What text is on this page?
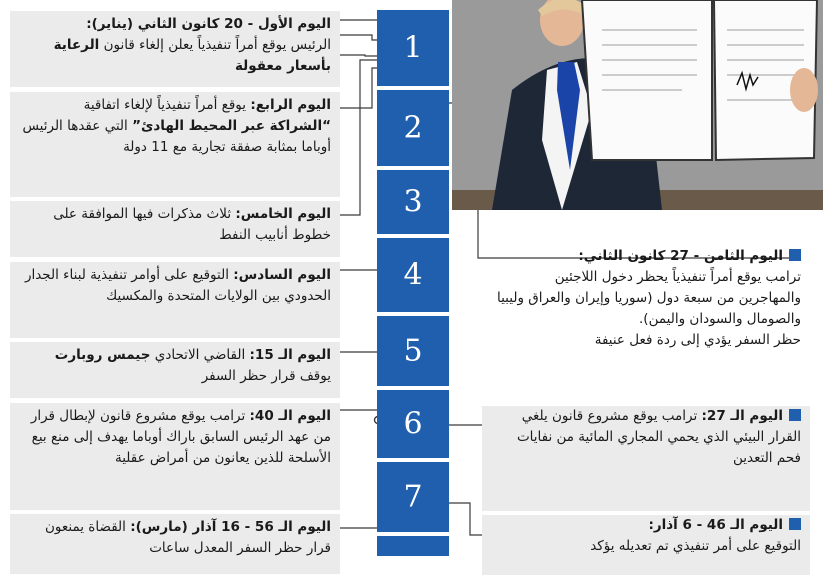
1
2
3
4
5
6
7
اليوم الأول - 20 كانون الثاني (يناير):
الرئيس يوقع أمراً تنفيذياً يعلن إلغاء قانون الرعاية بأسعار معقولة
اليوم الرابع: يوقع أمراً تنفيذياً لإلغاء اتفاقية “الشراكة عبر المحيط الهادئ” التي عقدها الرئيس أوباما بمثابة صفقة تجارية مع 11 دولة
اليوم الخامس: ثلاث مذكرات فيها الموافقة على خطوط أنابيب النفط
اليوم السادس: التوقيع على أوامر تنفيذية لبناء الجدار الحدودي بين الولايات المتحدة والمكسيك
اليوم الـ 15: القاضي الاتحادي جيمس روبارت يوقف قرار حظر السفر
اليوم الـ 40: ترامب يوقع مشروع قانون لإبطال قرار من عهد الرئيس السابق باراك أوباما يهدف إلى منع بيع الأسلحة للذين يعانون من أمراض عقلية
اليوم الـ 56 - 16 آذار (مارس): القضاة يمنعون قرار حظر السفر المعدل ساعات
اليوم الثامن - 27 كانون الثاني:
ترامب يوقع أمراً تنفيذياً يحظر دخول اللاجئين والمهاجرين من سبعة دول (سوريا وإيران والعراق وليبيا والصومال والسودان واليمن).
حظر السفر يؤدي إلى ردة فعل عنيفة
اليوم الـ 27: ترامب يوقع مشروع قانون يلغي القرار البيئي الذي يحمي المجاري المائية من نفايات فحم التعدين
اليوم الـ 46 - 6 آذار:
التوقيع على أمر تنفيذي تم تعديله يؤكد
